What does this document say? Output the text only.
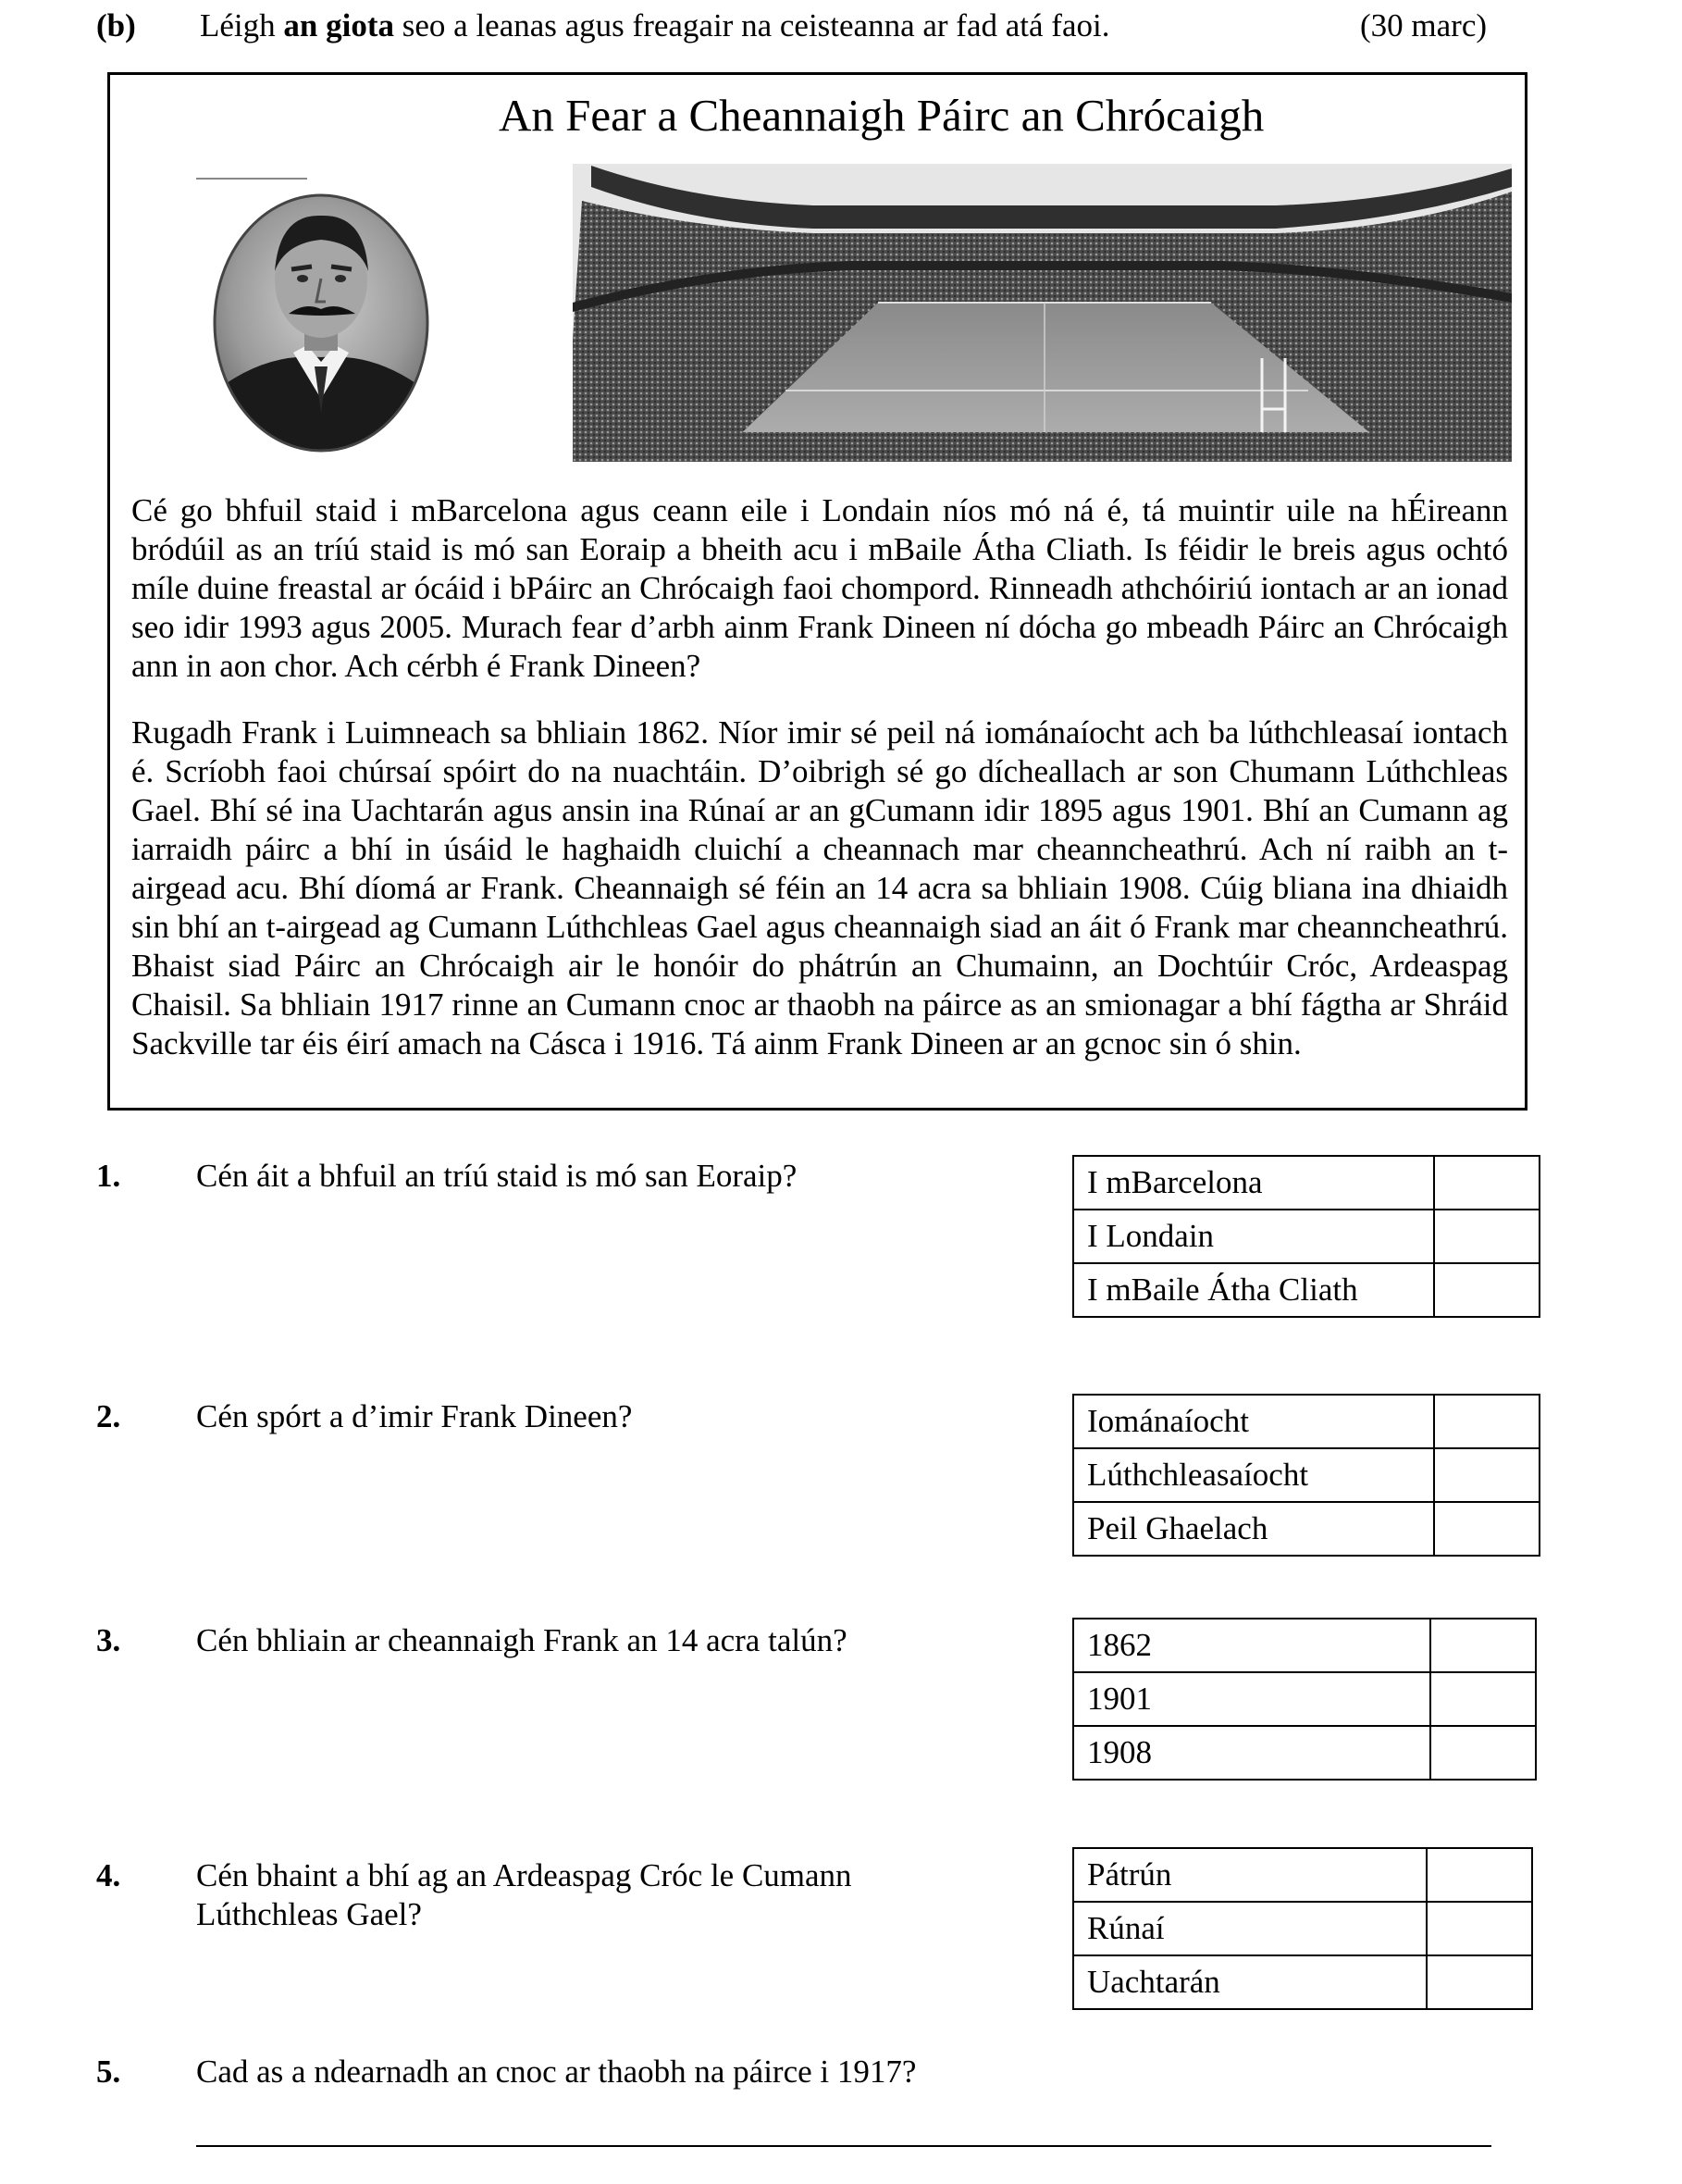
(b) Léigh an giota seo a leanas agus freagair na ceisteanna ar fad atá faoi.	(30 marc)
An Fear a Cheannaigh Páirc an Chrócaigh
Cé go bhfuil staid i mBarcelona agus ceann eile i Londain níos mó ná é, tá muintir uile na hÉireann bródúil as an tríú staid is mó san Eoraip a bheith acu i mBaile Átha Cliath. Is féidir le breis agus ochtó míle duine freastal ar ócáid i bPáirc an Chrócaigh faoi chompord. Rinneadh athchóiriú iontach ar an ionad seo idir 1993 agus 2005. Murach fear d’arbh ainm Frank Dineen ní dócha go mbeadh Páirc an Chrócaigh ann in aon chor. Ach cérbh é Frank Dineen?
Rugadh Frank i Luimneach sa bhliain 1862. Níor imir sé peil ná iománaíocht ach ba lúthchleasaí iontach é. Scríobh faoi chúrsaí spóirt do na nuachtáin. D’oibrigh sé go dícheallach ar son Chumann Lúthchleas Gael. Bhí sé ina Uachtarán agus ansin ina Rúnaí ar an gCumann idir 1895 agus 1901. Bhí an Cumann ag iarraidh páirc a bhí in úsáid le haghaidh cluichí a cheannach mar cheanncheathrú. Ach ní raibh an t-airgead acu. Bhí díomá ar Frank. Cheannaigh sé féin an 14 acra sa bhliain 1908. Cúig bliana ina dhiaidh sin bhí an t-airgead ag Cumann Lúthchleas Gael agus cheannaigh siad an áit ó Frank mar cheanncheathrú. Bhaist siad Páirc an Chrócaigh air le honóir do phátrún an Chumainn, an Dochtúir Cróc, Ardeaspag Chaisil. Sa bhliain 1917 rinne an Cumann cnoc ar thaobh na páirce as an smionagar a bhí fágtha ar Shráid Sackville tar éis éirí amach na Cásca i 1916. Tá ainm Frank Dineen ar an gcnoc sin ó shin.
1. Cén áit a bhfuil an tríú staid is mó san Eoraip?	I mBarcelona	
I Londain	
I mBaile Átha Cliath	
2. Cén spórt a d’imir Frank Dineen?	Iománaíocht	
Lúthchleasaíocht	
Peil Ghaelach	
3. Cén bhliain ar cheannaigh Frank an 14 acra talún?	1862	
1901	
1908	
4. Cén bhaint a bhí ag an Ardeaspag Cróc le Cumann Lúthchleas Gael?
Pátrún	
Rúnaí	
Uachtarán	
5. Cad as a ndearnadh an cnoc ar thaobh na páirce i 1917?
